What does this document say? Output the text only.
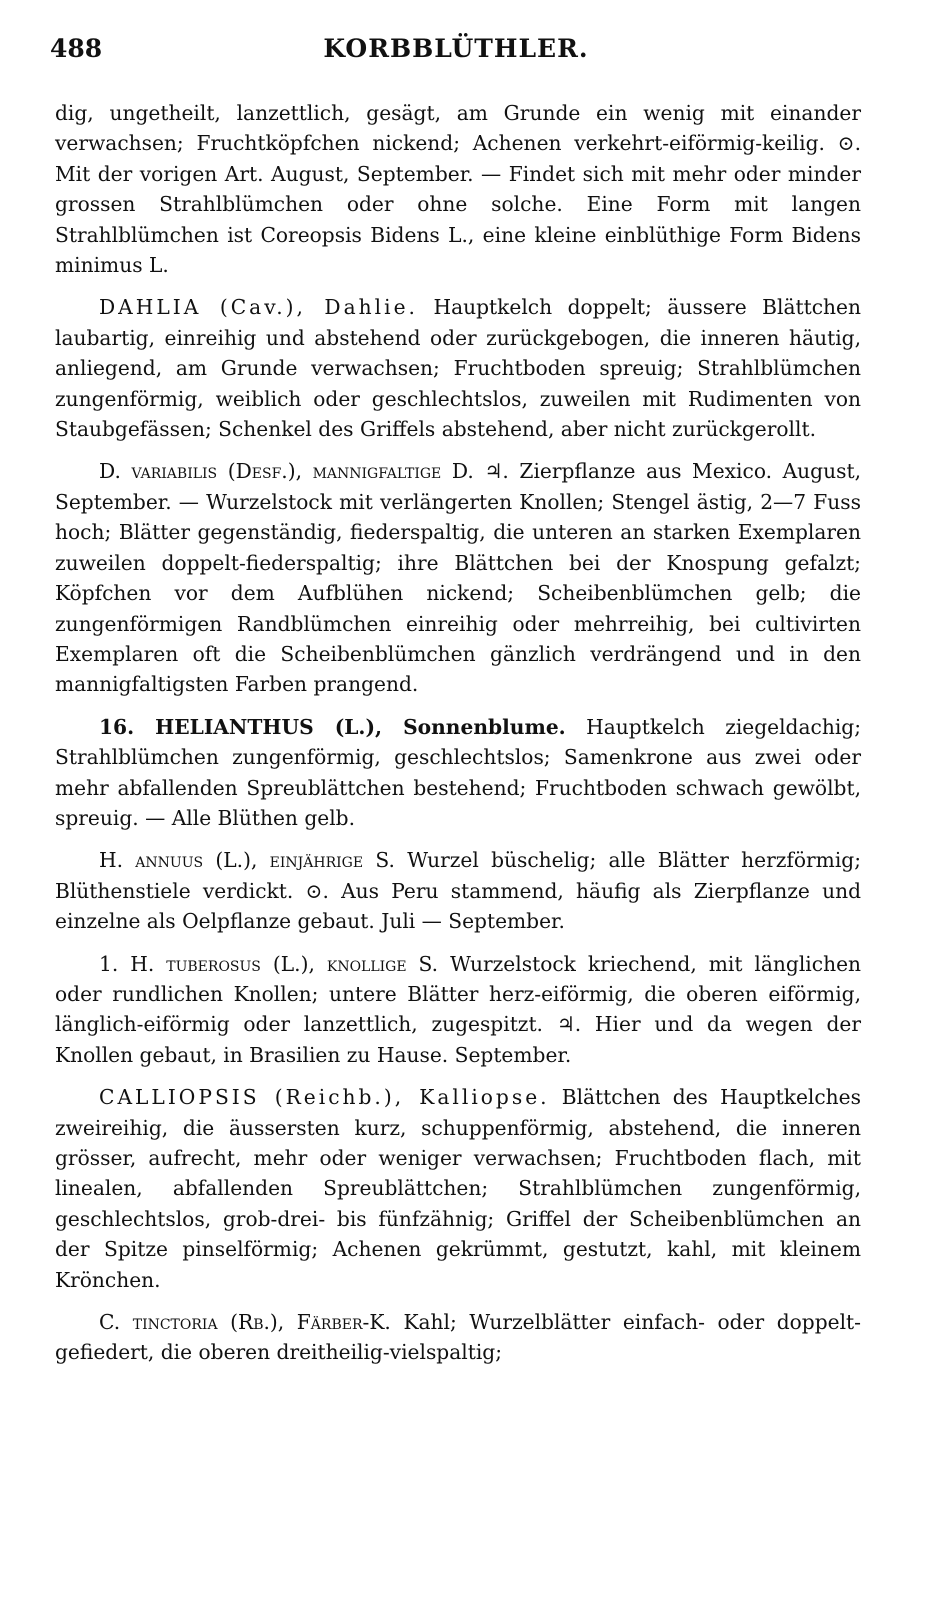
488	KORBBLÜTHLER.

dig, ungetheilt, lanzettlich, gesägt, am Grunde ein wenig mit einander verwachsen; Fruchtköpfchen nickend; Achenen verkehrt-eiförmig-keilig. ⊙. Mit der vorigen Art. August, September. — Findet sich mit mehr oder minder grossen Strahlblümchen oder ohne solche. Eine Form mit langen Strahlblümchen ist Coreopsis Bidens L., eine kleine einblüthige Form Bidens minimus L.

DAHLIA (Cav.), Dahlie. Hauptkelch doppelt; äussere Blättchen laubartig, einreihig und abstehend oder zurückgebogen, die inneren häutig, anliegend, am Grunde verwachsen; Fruchtboden spreuig; Strahlblümchen zungenförmig, weiblich oder geschlechtslos, zuweilen mit Rudimenten von Staubgefässen; Schenkel des Griffels abstehend, aber nicht zurückgerollt.

D. variabilis (Desf.), mannigfaltige D. ♃. Zierpflanze aus Mexico. August, September. — Wurzelstock mit verlängerten Knollen; Stengel ästig, 2—7 Fuss hoch; Blätter gegenständig, fiederspaltig, die unteren an starken Exemplaren zuweilen doppelt-fiederspaltig; ihre Blättchen bei der Knospung gefalzt; Köpfchen vor dem Aufblühen nickend; Scheibenblümchen gelb; die zungenförmigen Randblümchen einreihig oder mehrreihig, bei cultivirten Exemplaren oft die Scheibenblümchen gänzlich verdrängend und in den mannigfaltigsten Farben prangend.

16. HELIANTHUS (L.), Sonnenblume. Hauptkelch ziegeldachig; Strahlblümchen zungenförmig, geschlechtslos; Samenkrone aus zwei oder mehr abfallenden Spreublättchen bestehend; Fruchtboden schwach gewölbt, spreuig. — Alle Blüthen gelb.

H. annuus (L.), einjährige S. Wurzel büschelig; alle Blätter herzförmig; Blüthenstiele verdickt. ⊙. Aus Peru stammend, häufig als Zierpflanze und einzelne als Oelpflanze gebaut. Juli — September.

1. H. tuberosus (L.), knollige S. Wurzelstock kriechend, mit länglichen oder rundlichen Knollen; untere Blätter herz-eiförmig, die oberen eiförmig, länglich-eiförmig oder lanzettlich, zugespitzt. ♃. Hier und da wegen der Knollen gebaut, in Brasilien zu Hause. September.

CALLIOPSIS (Reichb.), Kalliopse. Blättchen des Hauptkelches zweireihig, die äussersten kurz, schuppenförmig, abstehend, die inneren grösser, aufrecht, mehr oder weniger verwachsen; Fruchtboden flach, mit linealen, abfallenden Spreublättchen; Strahlblümchen zungenförmig, geschlechtslos, grob-drei- bis fünfzähnig; Griffel der Scheibenblümchen an der Spitze pinselförmig; Achenen gekrümmt, gestutzt, kahl, mit kleinem Krönchen.

C. tinctoria (Rb.), Färber-K. Kahl; Wurzelblätter einfach- oder doppelt-gefiedert, die oberen dreitheilig-vielspaltig;
